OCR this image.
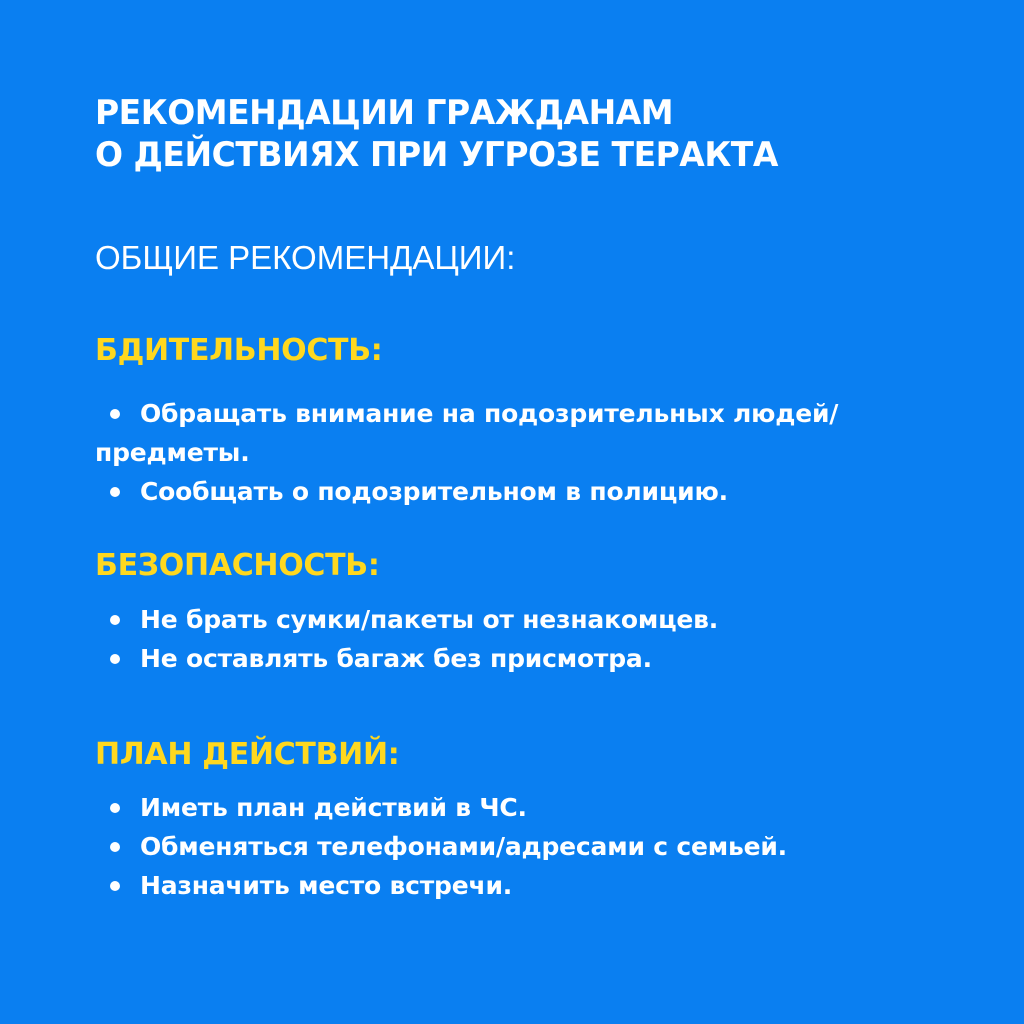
РЕКОМЕНДАЦИИ ГРАЖДАНАМ
О ДЕЙСТВИЯХ ПРИ УГРОЗЕ ТЕРАКТА
ОБЩИЕ РЕКОМЕНДАЦИИ:
БДИТЕЛЬНОСТЬ:
Обращать внимание на подозрительных людей/предметы.
Сообщать о подозрительном в полицию.
БЕЗОПАСНОСТЬ:
Не брать сумки/пакеты от незнакомцев.
Не оставлять багаж без присмотра.
ПЛАН ДЕЙСТВИЙ:
Иметь план действий в ЧС.
Обменяться телефонами/адресами с семьей.
Назначить место встречи.
